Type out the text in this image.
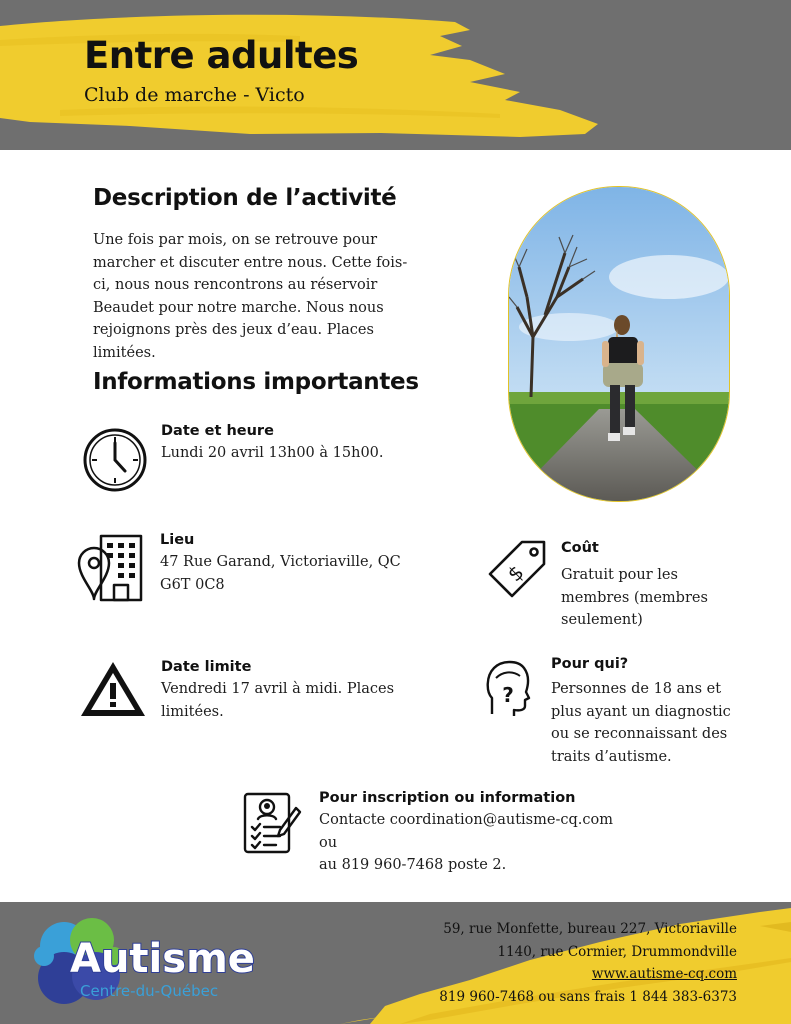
Entre adultes
Club de marche - Victo
Description de l’activité
Une fois par mois, on se retrouve pour marcher et discuter entre nous. Cette fois-ci, nous nous rencontrons au réservoir Beaudet pour notre marche. Nous nous rejoignons près des jeux d’eau. Places limitées.
Informations importantes
Date et heure
Lundi 20 avril 13h00 à 15h00.
Lieu
47 Rue Garand, Victoriaville, QC G6T 0C8	$
Coût
Gratuit pour les membres (membres seulement)
Date limite
Vendredi 17 avril à midi. Places limitées.
?
Pour qui?
Personnes de 18 ans et plus ayant un diagnostic ou se reconnaissant des traits d’autisme.
Pour inscription ou information
Contacte coordination@autisme-cq.com
ou
au 819 960-7468 poste 2.
Autisme
Centre-du-Québec
59, rue Monfette, bureau 227, Victoriaville
1140, rue Cormier, Drummondville
www.autisme-cq.com
819 960-7468 ou sans frais 1 844 383-6373
